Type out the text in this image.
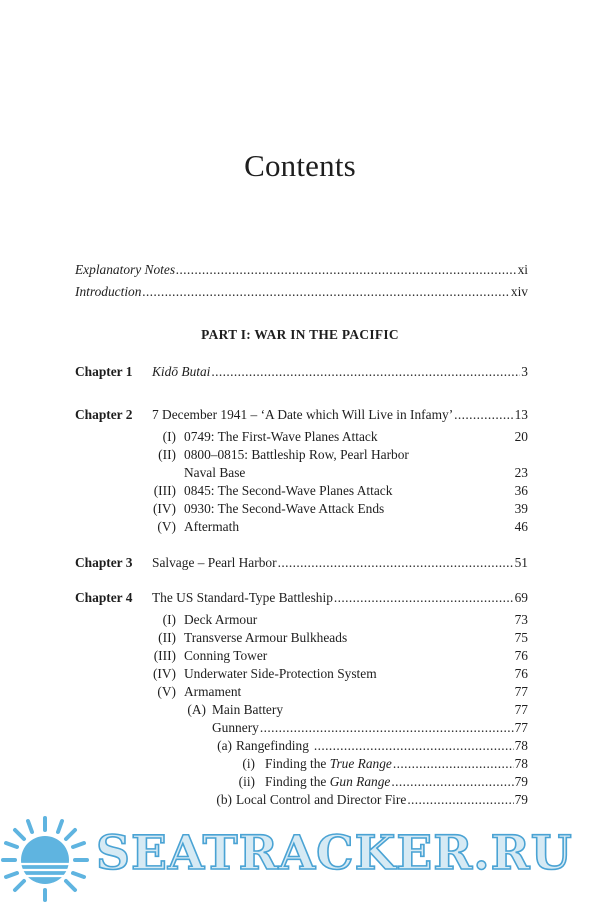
Contents
Explanatory Notes .....	xi
Introduction .....	xiv
PART I: WAR IN THE PACIFIC
Chapter 1 Kidō Butai .....	3
Chapter 2 7 December 1941 – ‘A Date which Will Live in Infamy’ .....	13
(I) 0749: The First-Wave Planes Attack	20
(II) 0800–0815: Battleship Row, Pearl Harbor
Naval Base	23
(III) 0845: The Second-Wave Planes Attack	36
(IV) 0930: The Second-Wave Attack Ends	39
(V) Aftermath	46
Chapter 3 Salvage – Pearl Harbor .....	51
Chapter 4 The US Standard-Type Battleship .....	69
(I) Deck Armour	73
(II) Transverse Armour Bulkheads	75
(III) Conning Tower	76
(IV) Underwater Side-Protection System	76
(V) Armament	77
(A) Main Battery	77
Gunnery .....	77
(a) Rangefinding .....	78
(i) Finding the True Range .....	78
(ii) Finding the Gun Range .....	79
(b) Local Control and Director Fire .....	79
SEATRACKER.RU
